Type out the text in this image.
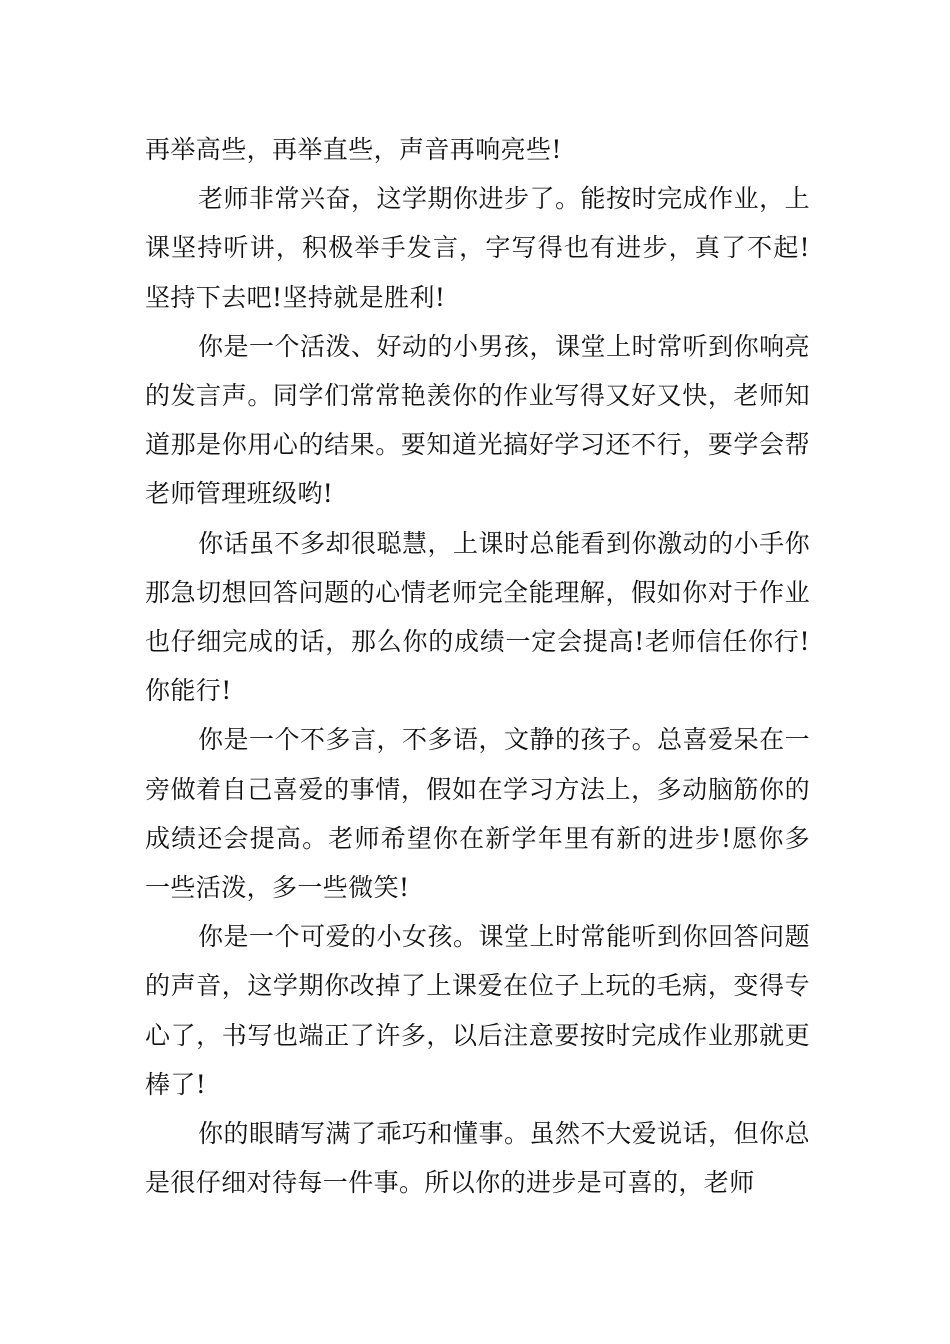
再举高些，再举直些，声音再响亮些!

老师非常兴奋，这学期你进步了。能按时完成作业，上课坚持听讲，积极举手发言，字写得也有进步，真了不起!坚持下去吧!坚持就是胜利!

你是一个活泼、好动的小男孩，课堂上时常听到你响亮的发言声。同学们常常艳羡你的作业写得又好又快，老师知道那是你用心的结果。要知道光搞好学习还不行，要学会帮老师管理班级哟!

你话虽不多却很聪慧，上课时总能看到你激动的小手你那急切想回答问题的心情老师完全能理解，假如你对于作业也仔细完成的话，那么你的成绩一定会提高!老师信任你行!你能行!

你是一个不多言，不多语，文静的孩子。总喜爱呆在一旁做着自己喜爱的事情，假如在学习方法上，多动脑筋你的成绩还会提高。老师希望你在新学年里有新的进步!愿你多一些活泼，多一些微笑!

你是一个可爱的小女孩。课堂上时常能听到你回答问题的声音，这学期你改掉了上课爱在位子上玩的毛病，变得专心了，书写也端正了许多，以后注意要按时完成作业那就更棒了!

你的眼睛写满了乖巧和懂事。虽然不大爱说话，但你总是很仔细对待每一件事。所以你的进步是可喜的，老师
